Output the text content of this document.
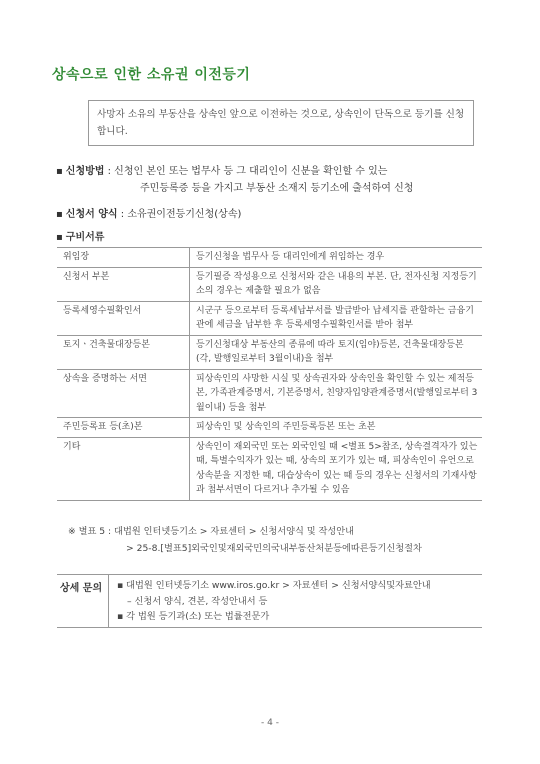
상속으로 인한 소유권 이전등기
사망자 소유의 부동산을 상속인 앞으로 이전하는 것으로, 상속인이 단독으로 등기를 신청합니다.
▪ 신청방법 : 신청인 본인 또는 법무사 등 그 대리인이 신분을 확인할 수 있는
주민등록증 등을 가지고 부동산 소재지 등기소에 출석하여 신청
▪ 신청서 양식 : 소유권이전등기신청(상속)
▪ 구비서류
위임장	등기신청을 법무사 등 대리인에게 위임하는 경우
신청서 부본	등기필증 작성용으로 신청서와 같은 내용의 부본. 단, 전자신청 지정등기소의 경우는 제출할 필요가 없음
등록세영수필확인서	시군구 등으로부터 등록세납부서를 발급받아 납세지를 관할하는 금융기관에 세금을 납부한 후 등록세영수필확인서를 받아 첨부
토지ㆍ건축물대장등본	등기신청대상 부동산의 종류에 따라 토지(임야)등본, 건축물대장등본(각, 발행일로부터 3월이내)을 첨부
상속을 증명하는 서면	피상속인의 사망한 시실 및 상속권자와 상속인을 확인할 수 있는 제적등본, 가족관계증명서, 기본증명서, 친양자입양관계증명서(발행일로부터 3월이내) 등을 첨부
주민등록표 등(초)본	피상속인 및 상속인의 주민등록등본 또는 초본
기타	상속인이 재외국민 또는 외국인일 때 <별표 5>참조, 상속결격자가 있는 때, 특별수익자가 있는 때, 상속의 포기가 있는 때, 피상속인이 유언으로 상속분을 지정한 때, 대습상속이 있는 때 등의 경우는 신청서의 기재사항과 첨부서면이 다르거나 추가될 수 있음
※ 별표 5 : 대법원 인터넷등기소 > 자료센터 > 신청서양식 및 작성안내
> 25-8.[별표5]외국인및재외국민의국내부동산처분등에따른등기신청절차
상세 문의	▪ 대법원 인터넷등기소 www.iros.go.kr > 자료센터 > 신청서양식및자료안내

– 신청서 양식, 견본, 작성안내서 등
▪ 각 법원 등기과(소) 또는 법률전문가
- 4 -
